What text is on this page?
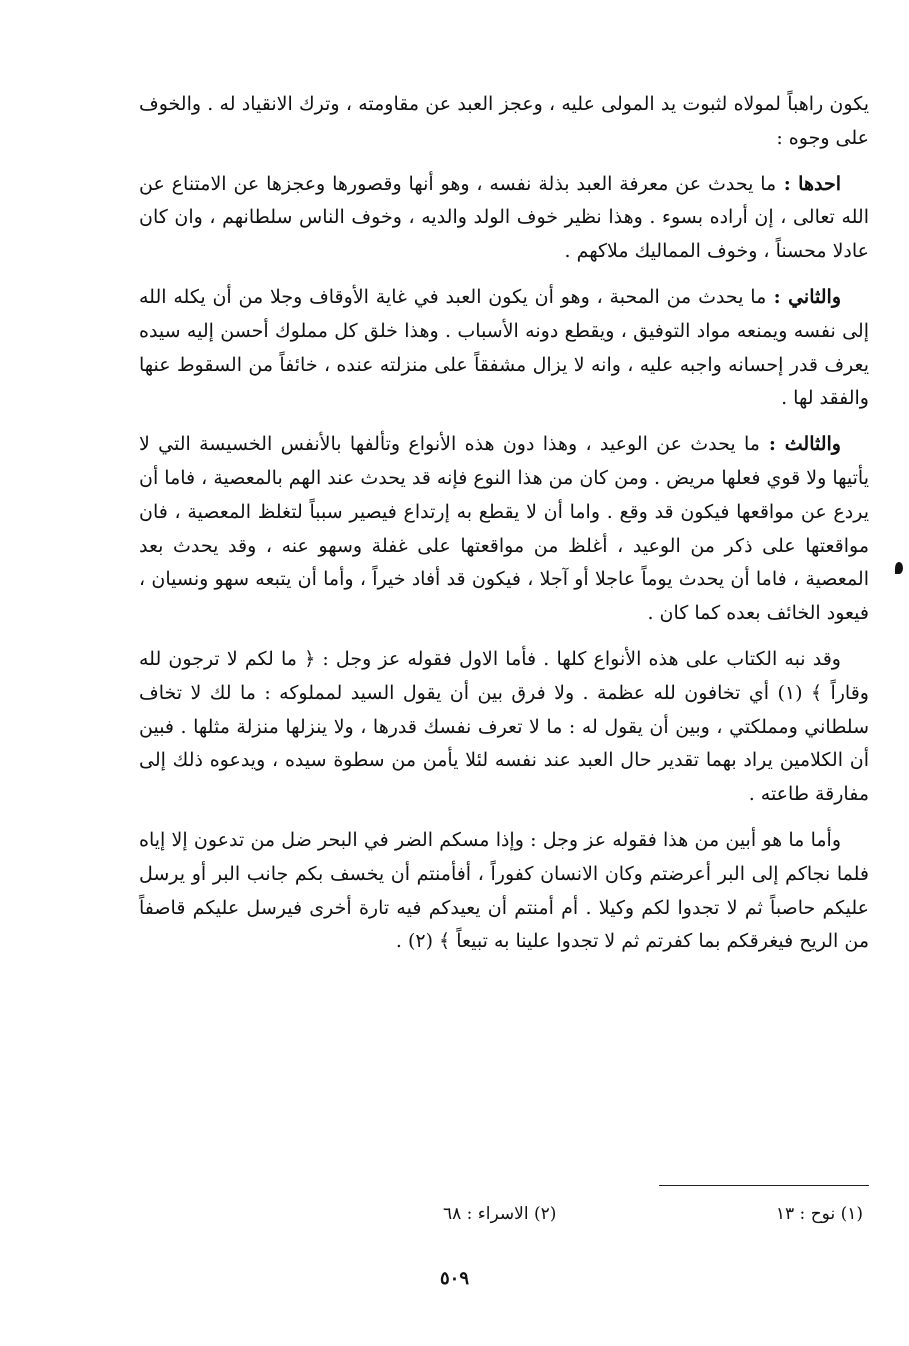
يكون راهباً لمولاه لثبوت يد المولى عليه ، وعجز العبد عن مقاومته ، وترك الانقياد له . والخوف على وجوه :

احدها : ما يحدث عن معرفة العبد بذلة نفسه ، وهو أنها وقصورها وعجزها عن الامتناع عن الله تعالى ، إن أراده بسوء . وهذا نظير خوف الولد والديه ، وخوف الناس سلطانهم ، وان كان عادلا محسناً ، وخوف المماليك ملاكهم .

والثاني : ما يحدث من المحبة ، وهو أن يكون العبد في غاية الأوقاف وجلا من أن يكله الله إلى نفسه ويمنعه مواد التوفيق ، ويقطع دونه الأسباب . وهذا خلق كل مملوك أحسن إليه سيده يعرف قدر إحسانه واجبه عليه ، وانه لا يزال مشفقاً على منزلته عنده ، خائفاً من السقوط عنها والفقد لها .

والثالث : ما يحدث عن الوعيد ، وهذا دون هذه الأنواع وتألفها بالأنفس الخسيسة التي لا يأتيها ولا قوي فعلها مريض . ومن كان من هذا النوع فإنه قد يحدث عند الهم بالمعصية ، فاما أن يردع عن مواقعها فيكون قد وقع . واما أن لا يقطع به إرتداع فيصير سبباً لتغلظ المعصية ، فان مواقعتها على ذكر من الوعيد ، أغلظ من مواقعتها على غفلة وسهو عنه ، وقد يحدث بعد المعصية ، فاما أن يحدث يوماً عاجلا أو آجلا ، فيكون قد أفاد خيراً ، وأما أن يتبعه سهو ونسيان ، فيعود الخائف بعده كما كان .

وقد نبه الكتاب على هذه الأنواع كلها . فأما الاول فقوله عز وجل : ﴿ ما لكم لا ترجون لله وقاراً ﴾ (١) أي تخافون لله عظمة . ولا فرق بين أن يقول السيد لمملوكه : ما لك لا تخاف سلطاني ومملكتي ، وبين أن يقول له : ما لا تعرف نفسك قدرها ، ولا ينزلها منزلة مثلها . فبين أن الكلامين يراد بهما تقدير حال العبد عند نفسه لئلا يأمن من سطوة سيده ، ويدعوه ذلك إلى مفارقة طاعته .

وأما ما هو أبين من هذا فقوله عز وجل : وإذا مسكم الضر في البحر ضل من تدعون إلا إياه فلما نجاكم إلى البر أعرضتم وكان الانسان كفوراً ، أفأمنتم أن يخسف بكم جانب البر أو يرسل عليكم حاصباً ثم لا تجدوا لكم وكيلا . أم أمنتم أن يعيدكم فيه تارة أخرى فيرسل عليكم قاصفاً من الريح فيغرقكم بما كفرتم ثم لا تجدوا علينا به تبيعاً ﴾ (٢) .

(١) نوح : ١٣
(٢) الاسراء : ٦٨
٥٠٩
